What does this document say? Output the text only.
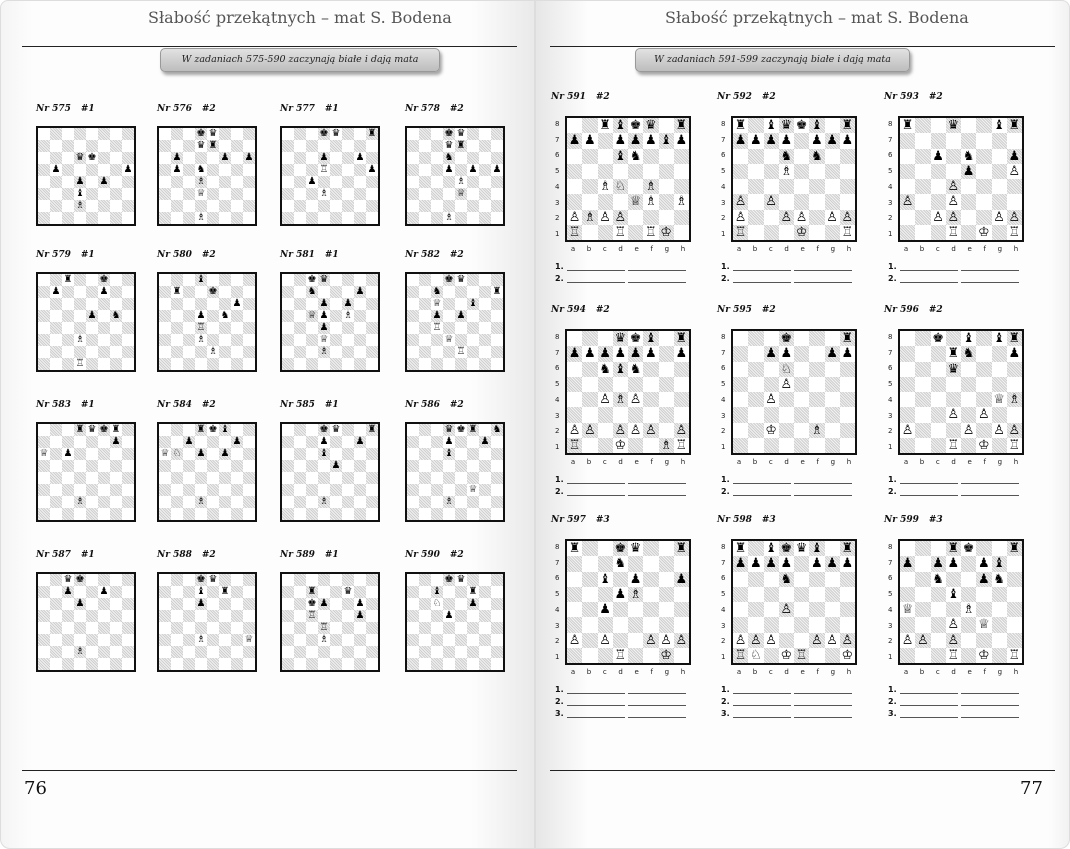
Słabość przekątnych – mat S. Bodena
W zadaniach 575-590 zaczynają białe i dają mata
Nr 575 #1
♛ ♚
♟	♟
♟ ♟
♝
♗
Nr 576 #2
♚ ♛
♛ ♜
♟	♟ ♟
♟ ♞
♗
♕
♗
Nr 577 #1
♚ ♛	♜
♟	♟
♖	♟
♟
♗
Nr 578 #2
♚ ♛
♛ ♜
♞
♟ ♟ ♟
♗
♕
♗
Nr 579 #1
♜	♚
♟	♟
♟ ♞
♗
♖
Nr 580 #2
♝
♜	♚
♟
♟ ♞
♖
♗
♗
Nr 581 #1
♚ ♛
♞	♟
♟ ♟
♕ ♟ ♗
♟
♕
♗
Nr 582 #2
♚ ♛
♞	♜
♕	♝
♟ ♟
♖
♕
♖
Nr 583 #1
♜ ♛ ♚ ♜
♟
♕ ♟
♗
Nr 584 #2
♜ ♚ ♝
♟	♟
♕ ♘ ♟ ♟
♗
Nr 585 #1
♚ ♛	♜
♟	♟
♝
♟
♗
Nr 586 #2
♛ ♚ ♜ ♞
♟	♟
♝
♕
♗
Nr 587 #1
♛ ♚
♟	♟
♟
♗
Nr 588 #2
♚ ♛
♝ ♜
♟
♗	♕
Nr 589 #1
♜	♛
♚ ♟	♟
♖	♟
♖
♗
Nr 590 #2
♚ ♛
♝	♜
♘	♟
♟
76
Słabość przekątnych – mat S. Bodena
W zadaniach 591-599 zaczynają białe i dają mata
Nr 591 #2
♜ ♝ ♚ ♛ ♜
♟ ♟ ♟ ♟ ♟ ♝ ♟
♝ ♞
♗ ♘ ♗
♕ ♗ ♗
♙ ♗ ♙ ♙
♖	♖ ♖ ♔
8
7
6
5
4
3
2
1
a b c d e f g h
1.
2.
Nr 592 #2
♜ ♝ ♛ ♚ ♝ ♜
♟ ♟ ♟ ♟ ♟ ♟ ♟
♞ ♞
♗
♙ ♙
♙	♙ ♙ ♙ ♙
♖	♔	♖
8
7
6
5
4
3
2
1
a b c d e f g h
1.
2.
Nr 593 #2
♜	♛	♝ ♜
♟ ♞	♟
♟	♙
♙
♙	♙
♙ ♙	♙ ♙
♖ ♔ ♖
8
7
6
5
4
3
2
1
a b c d e f g h
1.
2.
Nr 594 #2
♛ ♚ ♝ ♜
♟ ♟ ♟ ♟ ♟ ♟ ♟
♞ ♝ ♞
♙ ♗ ♙
♙ ♙ ♙ ♙ ♙ ♙
♖	♔	♗ ♖
8
7
6
5
4
3
2
1
a b c d e f g h
1.
2.
Nr 595 #2
♚	♜
♟ ♟	♟ ♟
♘
♙
♙
♔	♗
8
7
6
5
4
3
2
1
a b c d e f g h
1.
2.
Nr 596 #2
♚ ♝ ♝ ♜
♜ ♞	♟
♛
♕ ♗
♙ ♙
♙	♙ ♙ ♙
♖ ♔ ♖
8
7
6
5
4
3
2
1
a b c d e f g h
1.
2.
Nr 597 #3
♜	♚ ♛	♜
♞
♝ ♟	♟
♟ ♗
♟
♙ ♙	♙ ♙ ♙
♖	♔
8
7
6
5
4
3
2
1
a b c d e f g h
1.
2.
3.
Nr 598 #3
♜ ♝ ♚ ♛ ♝ ♜
♟ ♟ ♟ ♟ ♟ ♟ ♟
♞
♙
♙ ♙ ♙	♙ ♙ ♙
♖ ♘ ♔ ♖	♔
8
7
6
5
4
3
2
1
a b c d e f g h
1.
2.
3.
Nr 599 #3
♜ ♚	♜
♟ ♟ ♟ ♟ ♝
♞	♟ ♞
♝
♕	♗
♙ ♕
♙ ♙ ♙
♖ ♔ ♖
8
7
6
5
4
3
2
1
a b c d e f g h
1.
2.
3.
77
